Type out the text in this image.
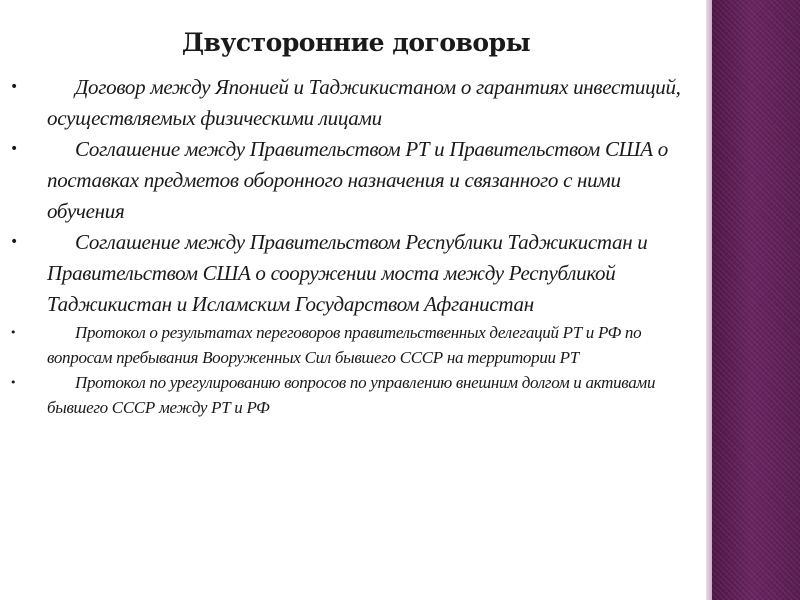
Двусторонние договоры
•	Договор между Японией и Таджикистаном о гарантиях инвестиций, осуществляемых физическими лицами
•	Соглашение между Правительством РТ и Правительством США о поставках предметов оборонного назначения и связанного с ними обучения
•	Соглашение между Правительством Республики Таджикистан и Правительством США о сооружении моста между Республикой Таджикистан и Исламским Государством Афганистан
•	Протокол о результатах переговоров правительственных делегаций РТ и РФ по вопросам пребывания Вооруженных Сил бывшего СССР на территории РТ
•	Протокол по урегулированию вопросов по управлению внешним долгом и активами бывшего СССР между РТ и РФ
